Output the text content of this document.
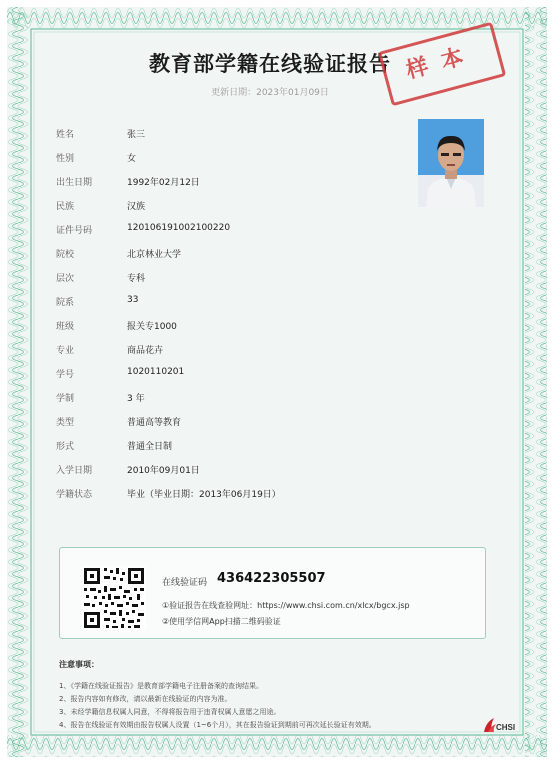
教育部学籍在线验证报告
更新日期：2023年01月09日
样本
姓名	张三
性别	女
出生日期	1992年02月12日
民族	汉族
证件号码	120106191002100220
院校	北京林业大学
层次	专科
院系	33
班级	报关专1000
专业	商品花卉
学号	1020110201
学制	3 年
类型	普通高等教育
形式	普通全日制
入学日期	2010年09月01日
学籍状态	毕业（毕业日期：2013年06月19日）
在线验证码 436422305507
①验证报告在线查验网址：https://www.chsi.com.cn/xlcx/bgcx.jsp
②使用学信网App扫描二维码验证
注意事项：
1、《学籍在线验证报告》是教育部学籍电子注册备案的查询结果。
2、报告内容如有修改，请以最新在线验证的内容为准。
3、未经学籍信息权属人同意，不得将报告用于违背权属人意愿之用途。
4、报告在线验证有效期由报告权属人设置（1~6个月），其在报告验证到期前可再次延长验证有效期。	CHSI
